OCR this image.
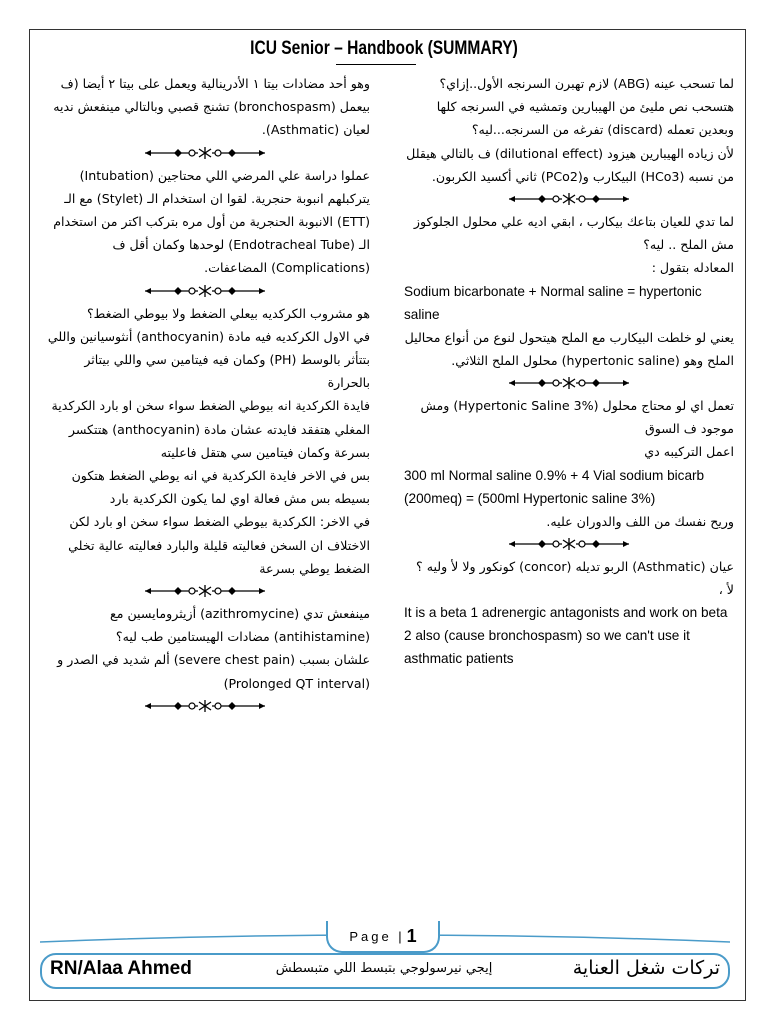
ICU Senior – Handbook (SUMMARY)

لما تسحب عينه (ABG) لازم تهبرن السرنجه الأول..إزاي؟

هتسحب نص مليئ من الهيبارين وتمشيه في السرنجه كلها وبعدين تعمله (discard) تفرغه من السرنجه...ليه؟

لأن زياده الهيبارين هيزود (dilutional effect) ف بالتالي هيقلل من نسبه (HCo3) البيكارب و(PCo2) ثاني أكسيد الكربون.

لما تدي للعيان بتاعك بيكارب ، ابقي اديه علي محلول الجلوكوز مش الملح .. ليه؟

المعادله بتقول :

Sodium bicarbonate + Normal saline = hypertonic saline

يعني لو خلطت البيكارب مع الملح هيتحول لنوع من أنواع محاليل الملح وهو (hypertonic saline) محلول الملح الثلاثي.

تعمل اي لو محتاج محلول (Hypertonic Saline 3%) ومش موجود ف السوق

اعمل التركيبه دي

300 ml Normal saline 0.9% + 4 Vial sodium bicarb (200meq) = (500ml Hypertonic saline 3%)

وريح نفسك من اللف والدوران عليه.

عيان (Asthmatic) الربو تديله (concor) كونكور ولا لأ وليه ؟

لأ ،

It is a beta 1 adrenergic antagonists and work on beta 2 also (cause bronchospasm) so we can't use it asthmatic patients

وهو أحد مضادات بيتا ١ الأدرينالية ويعمل على بيتا ٢ أيضا (ف بيعمل (bronchospasm) تشنج قصبي وبالتالي مينفعش نديه لعيان (Asthmatic).

عملوا دراسة علي المرضي اللي محتاجين (Intubation) يتركبلهم انبوبة حنجرية. لقوا ان استخدام الـ (Stylet) مع الـ (ETT) الانبوبة الحنجرية من أول مره بتركب اكتر من استخدام الـ (Endotracheal Tube) لوحدها وكمان أقل ف (Complications) المضاعفات.

هو مشروب الكركديه بيعلي الضغط ولا بيوطي الضغط؟

في الاول الكركديه فيه مادة (anthocyanin) أنثوسيانين واللي بتتأثر بالوسط (PH) وكمان فيه فيتامين سي واللي بيتاثر بالحرارة

فايدة الكركدية انه بيوطي الضغط سواء سخن او بارد الكركدية المغلي هتفقد فايدته عشان مادة (anthocyanin) هتتكسر بسرعة وكمان فيتامين سي هتقل فاعليته

بس في الاخر فايدة الكركدية في انه يوطي الضغط هتكون بسيطه بس مش فعالة اوي لما يكون الكركدية بارد

في الاخر: الكركدية بيوطي الضغط سواء سخن او بارد لكن الاختلاف ان السخن فعاليته قليلة والبارد فعاليته عالية تخلي الضغط يوطي بسرعة

مينفعش تدي (azithromycine) أزيثرومايسين مع (antihistamine) مضادات الهيستامين طب ليه؟

علشان بسبب (severe chest pain) ألم شديد في الصدر و (Prolonged QT interval)

Page | 1
RN/Alaa Ahmed	إيجي نيرسولوجي بتبسط اللي متبسطش	تركات شغل العناية
